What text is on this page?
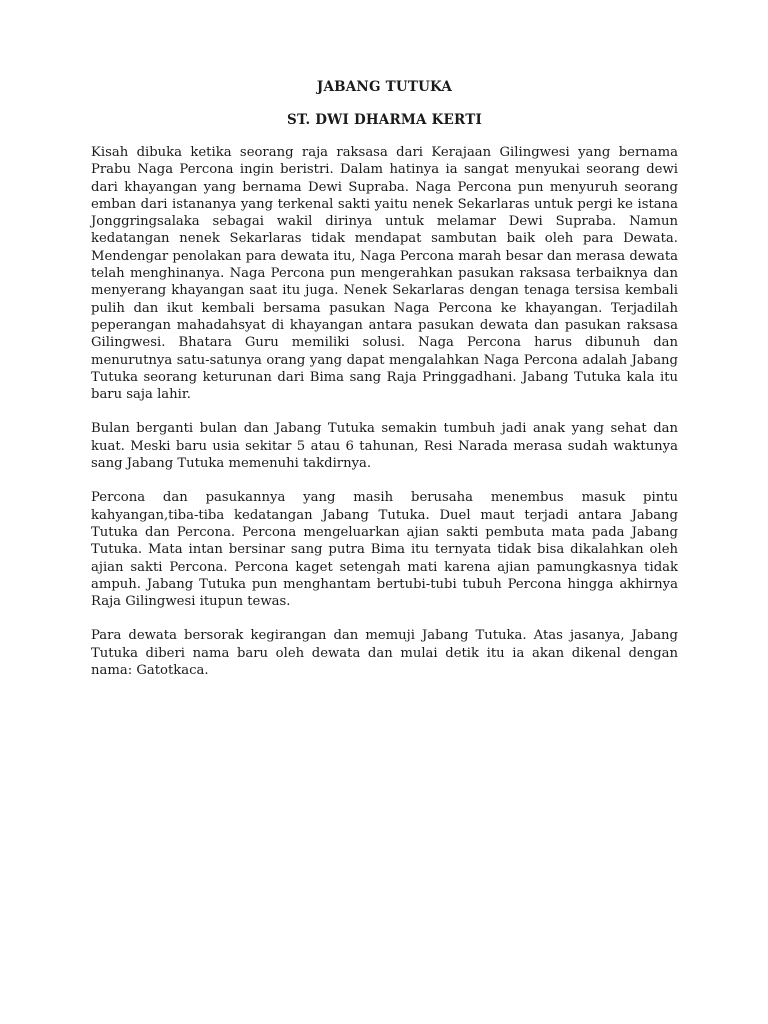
JABANG TUTUKA
ST. DWI DHARMA KERTI

Kisah dibuka ketika seorang raja raksasa dari Kerajaan Gilingwesi yang bernama Prabu Naga Percona ingin beristri. Dalam hatinya ia sangat menyukai seorang dewi dari khayangan yang bernama Dewi Supraba. Naga Percona pun menyuruh seorang emban dari istananya yang terkenal sakti yaitu nenek Sekarlaras untuk pergi ke istana Jonggringsalaka sebagai wakil dirinya untuk melamar Dewi Supraba. Namun kedatangan nenek Sekarlaras tidak mendapat sambutan baik oleh para Dewata. Mendengar penolakan para dewata itu, Naga Percona marah besar dan merasa dewata telah menghinanya. Naga Percona pun mengerahkan pasukan raksasa terbaiknya dan menyerang khayangan saat itu juga. Nenek Sekarlaras dengan tenaga tersisa kembali pulih dan ikut kembali bersama pasukan Naga Percona ke khayangan. Terjadilah peperangan mahadahsyat di khayangan antara pasukan dewata dan pasukan raksasa Gilingwesi. Bhatara Guru memiliki solusi. Naga Percona harus dibunuh dan menurutnya satu-satunya orang yang dapat mengalahkan Naga Percona adalah Jabang Tutuka seorang keturunan dari Bima sang Raja Pringgadhani. Jabang Tutuka kala itu baru saja lahir.

Bulan berganti bulan dan Jabang Tutuka semakin tumbuh jadi anak yang sehat dan kuat. Meski baru usia sekitar 5 atau 6 tahunan, Resi Narada merasa sudah waktunya sang Jabang Tutuka memenuhi takdirnya.

Percona dan pasukannya yang masih berusaha menembus masuk pintu kahyangan,tiba-tiba kedatangan Jabang Tutuka. Duel maut terjadi antara Jabang Tutuka dan Percona. Percona mengeluarkan ajian sakti pembuta mata pada Jabang Tutuka. Mata intan bersinar sang putra Bima itu ternyata tidak bisa dikalahkan oleh ajian sakti Percona. Percona kaget setengah mati karena ajian pamungkasnya tidak ampuh. Jabang Tutuka pun menghantam bertubi-tubi tubuh Percona hingga akhirnya Raja Gilingwesi itupun tewas.

Para dewata bersorak kegirangan dan memuji Jabang Tutuka. Atas jasanya, Jabang Tutuka diberi nama baru oleh dewata dan mulai detik itu ia akan dikenal dengan nama: Gatotkaca.
